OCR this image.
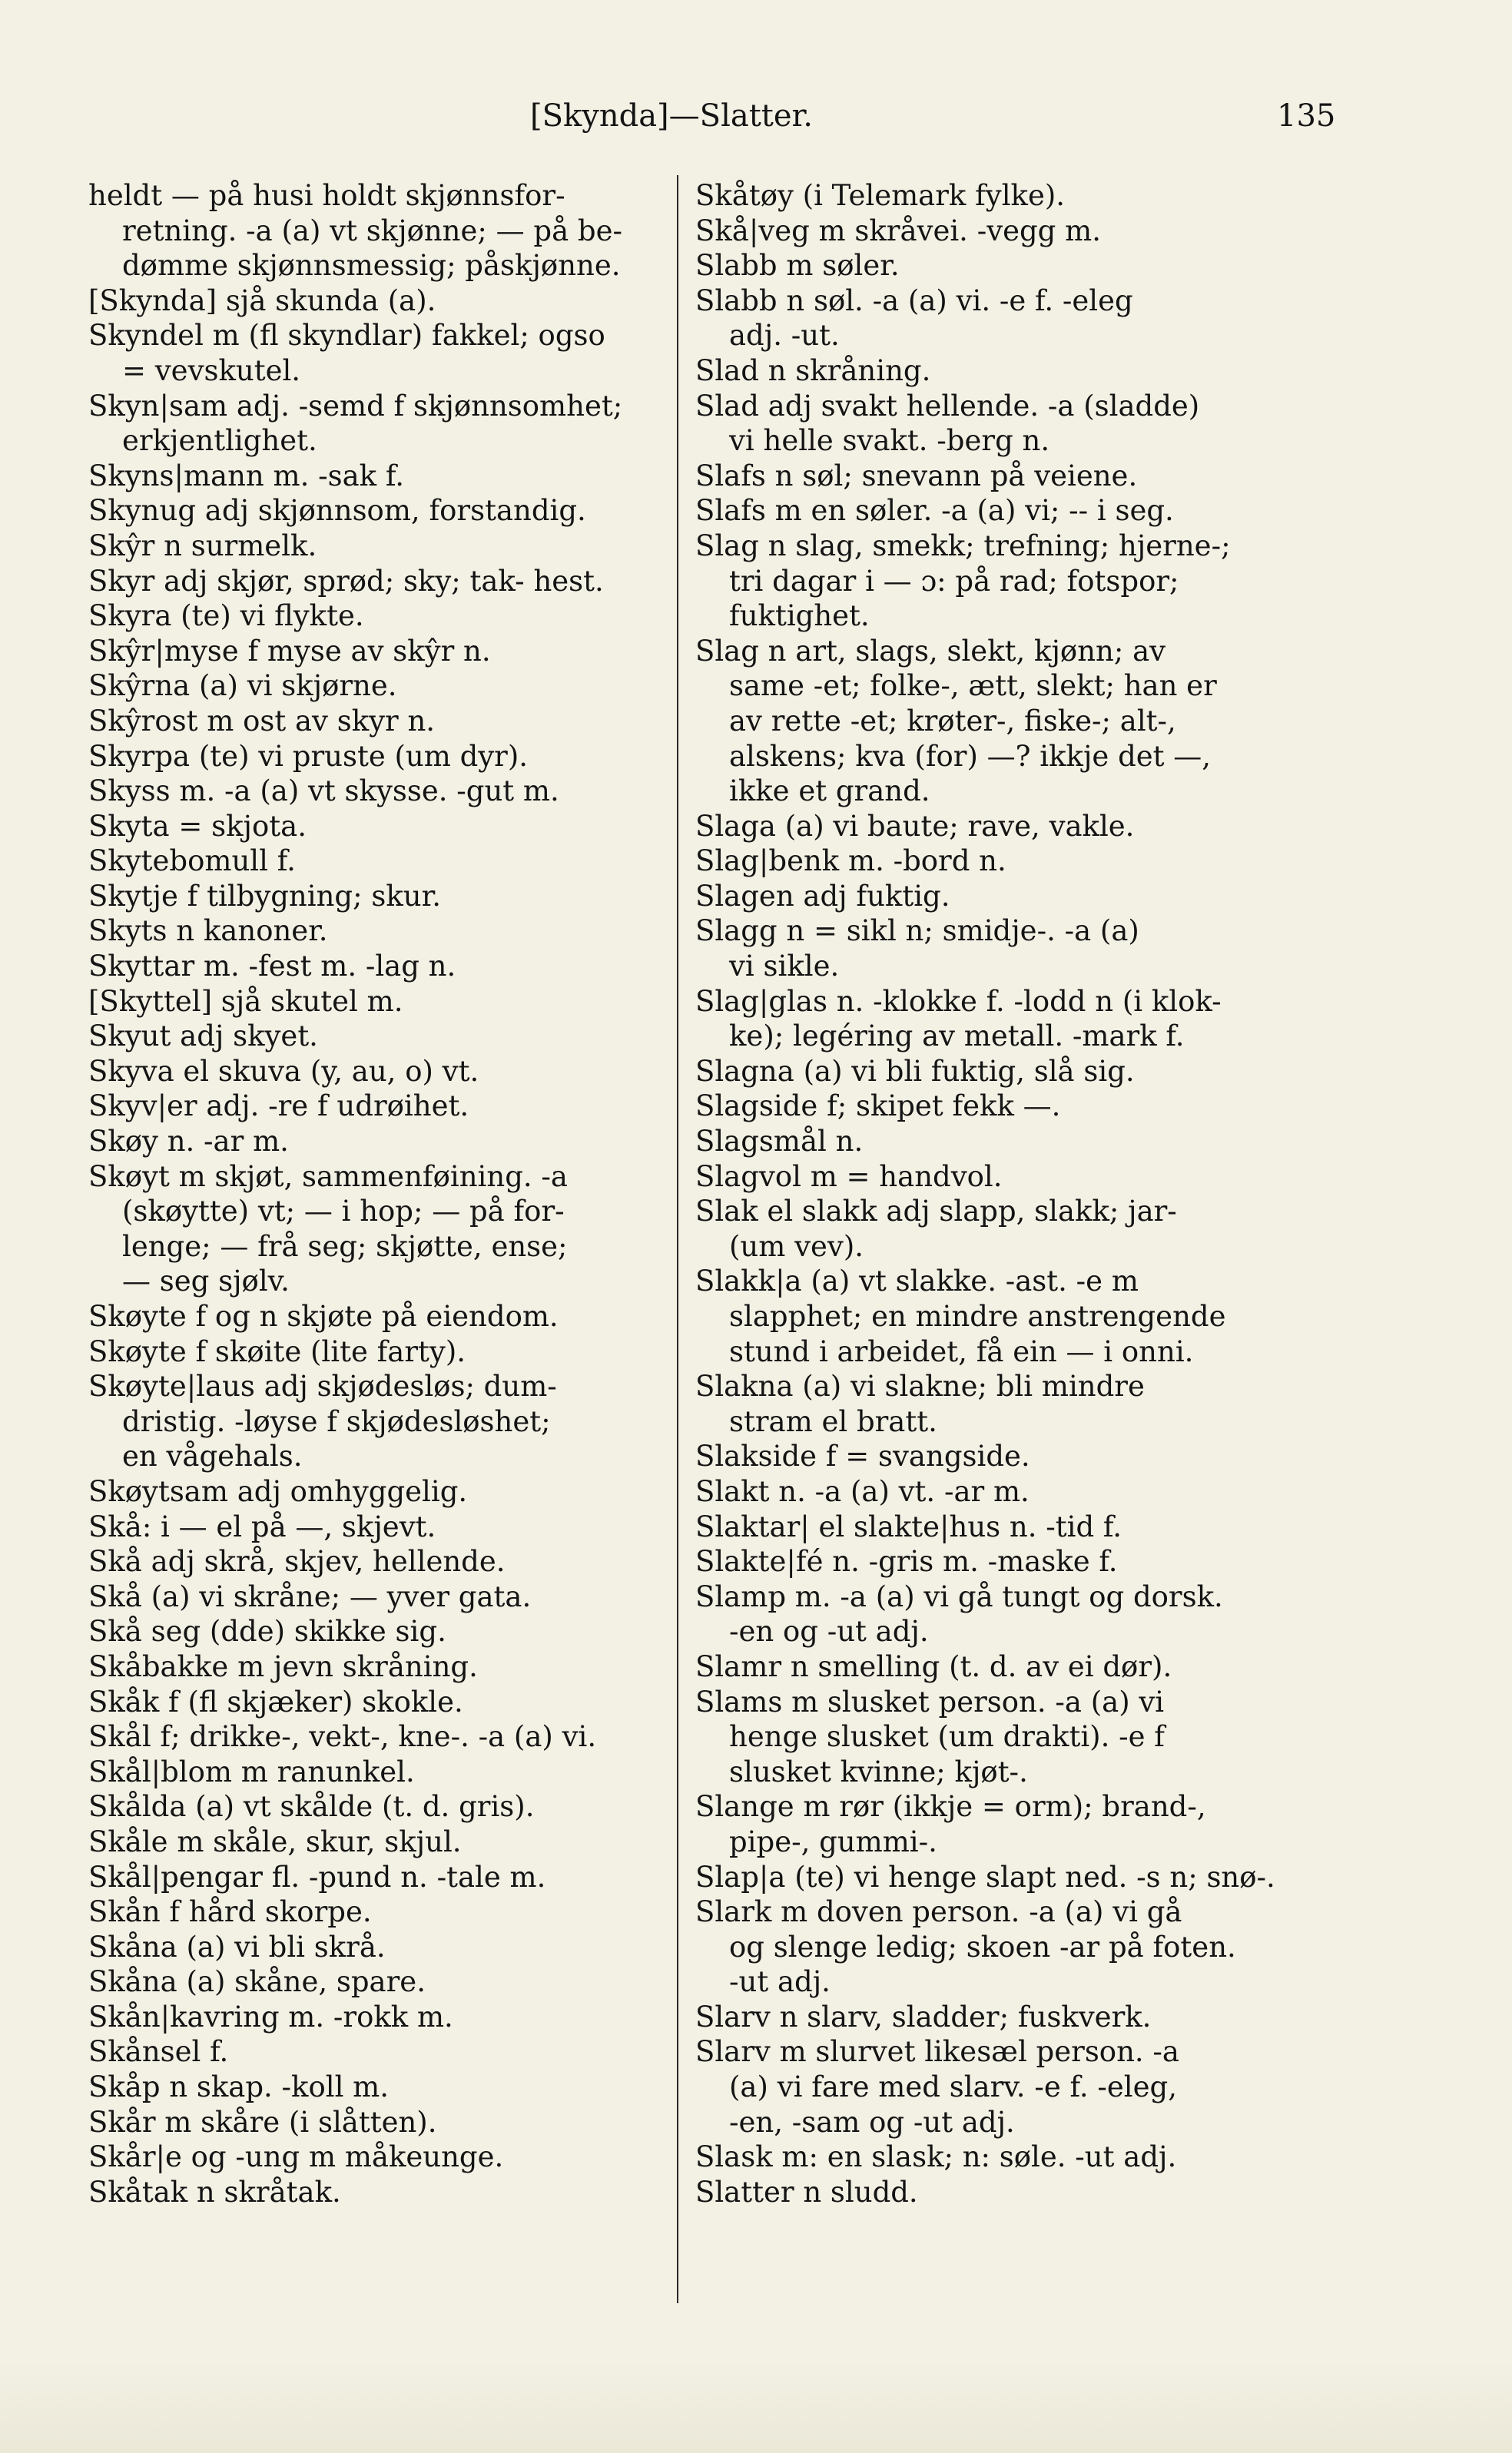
[Skynda]—Slatter.	135
heldt — på husi holdt skjønnsfor-
retning. -a (a) vt skjønne; — på be-
dømme skjønnsmessig; påskjønne.
[Skynda] sjå skunda (a).
Skyndel m (fl skyndlar) fakkel; ogso
= vevskutel.
Skyn|sam adj. -semd f skjønnsomhet;
erkjentlighet.
Skyns|mann m. -sak f.
Skynug adj skjønnsom, forstandig.
Skŷr n surmelk.
Skyr adj skjør, sprød; sky; tak- hest.
Skyra (te) vi flykte.
Skŷr|myse f myse av skŷr n.
Skŷrna (a) vi skjørne.
Skŷrost m ost av skyr n.
Skyrpa (te) vi pruste (um dyr).
Skyss m. -a (a) vt skysse. -gut m.
Skyta = skjota.
Skytebomull f.
Skytje f tilbygning; skur.
Skyts n kanoner.
Skyttar m. -fest m. -lag n.
[Skyttel] sjå skutel m.
Skyut adj skyet.
Skyva el skuva (y, au, o) vt.
Skyv|er adj. -re f udrøihet.
Skøy n. -ar m.
Skøyt m skjøt, sammenføining. -a
(skøytte) vt; — i hop; — på for-
lenge; — frå seg; skjøtte, ense;
— seg sjølv.
Skøyte f og n skjøte på eiendom.
Skøyte f skøite (lite farty).
Skøyte|laus adj skjødesløs; dum-
dristig. -løyse f skjødesløshet;
en vågehals.
Skøytsam adj omhyggelig.
Skå: i — el på —, skjevt.
Skå adj skrå, skjev, hellende.
Skå (a) vi skråne; — yver gata.
Skå seg (dde) skikke sig.
Skåbakke m jevn skråning.
Skåk f (fl skjæker) skokle.
Skål f; drikke-, vekt-, kne-. -a (a) vi.
Skål|blom m ranunkel.
Skålda (a) vt skålde (t. d. gris).
Skåle m skåle, skur, skjul.
Skål|pengar fl. -pund n. -tale m.
Skån f hård skorpe.
Skåna (a) vi bli skrå.
Skåna (a) skåne, spare.
Skån|kavring m. -rokk m.
Skånsel f.
Skåp n skap. -koll m.
Skår m skåre (i slåtten).
Skår|e og -ung m måkeunge.
Skåtak n skråtak.
Skåtøy (i Telemark fylke).
Skå|veg m skråvei. -vegg m.
Slabb m søler.
Slabb n søl. -a (a) vi. -e f. -eleg
adj. -ut.
Slad n skråning.
Slad adj svakt hellende. -a (sladde)
vi helle svakt. -berg n.
Slafs n søl; snevann på veiene.
Slafs m en søler. -a (a) vi; -- i seg.
Slag n slag, smekk; trefning; hjerne-;
tri dagar i — ɔ: på rad; fotspor;
fuktighet.
Slag n art, slags, slekt, kjønn; av
same -et; folke-, ætt, slekt; han er
av rette -et; krøter-, fiske-; alt-,
alskens; kva (for) —? ikkje det —,
ikke et grand.
Slaga (a) vi baute; rave, vakle.
Slag|benk m. -bord n.
Slagen adj fuktig.
Slagg n = sikl n; smidje-. -a (a)
vi sikle.
Slag|glas n. -klokke f. -lodd n (i klok-
ke); legéring av metall. -mark f.
Slagna (a) vi bli fuktig, slå sig.
Slagside f; skipet fekk —.
Slagsmål n.
Slagvol m = handvol.
Slak el slakk adj slapp, slakk; jar-
(um vev).
Slakk|a (a) vt slakke. -ast. -e m
slapphet; en mindre anstrengende
stund i arbeidet, få ein — i onni.
Slakna (a) vi slakne; bli mindre
stram el bratt.
Slakside f = svangside.
Slakt n. -a (a) vt. -ar m.
Slaktar| el slakte|hus n. -tid f.
Slakte|fé n. -gris m. -maske f.
Slamp m. -a (a) vi gå tungt og dorsk.
-en og -ut adj.
Slamr n smelling (t. d. av ei dør).
Slams m slusket person. -a (a) vi
henge slusket (um drakti). -e f
slusket kvinne; kjøt-.
Slange m rør (ikkje = orm); brand-,
pipe-, gummi-.
Slap|a (te) vi henge slapt ned. -s n; snø-.
Slark m doven person. -a (a) vi gå
og slenge ledig; skoen -ar på foten.
-ut adj.
Slarv n slarv, sladder; fuskverk.
Slarv m slurvet likesæl person. -a
(a) vi fare med slarv. -e f. -eleg,
-en, -sam og -ut adj.
Slask m: en slask; n: søle. -ut adj.
Slatter n sludd.
